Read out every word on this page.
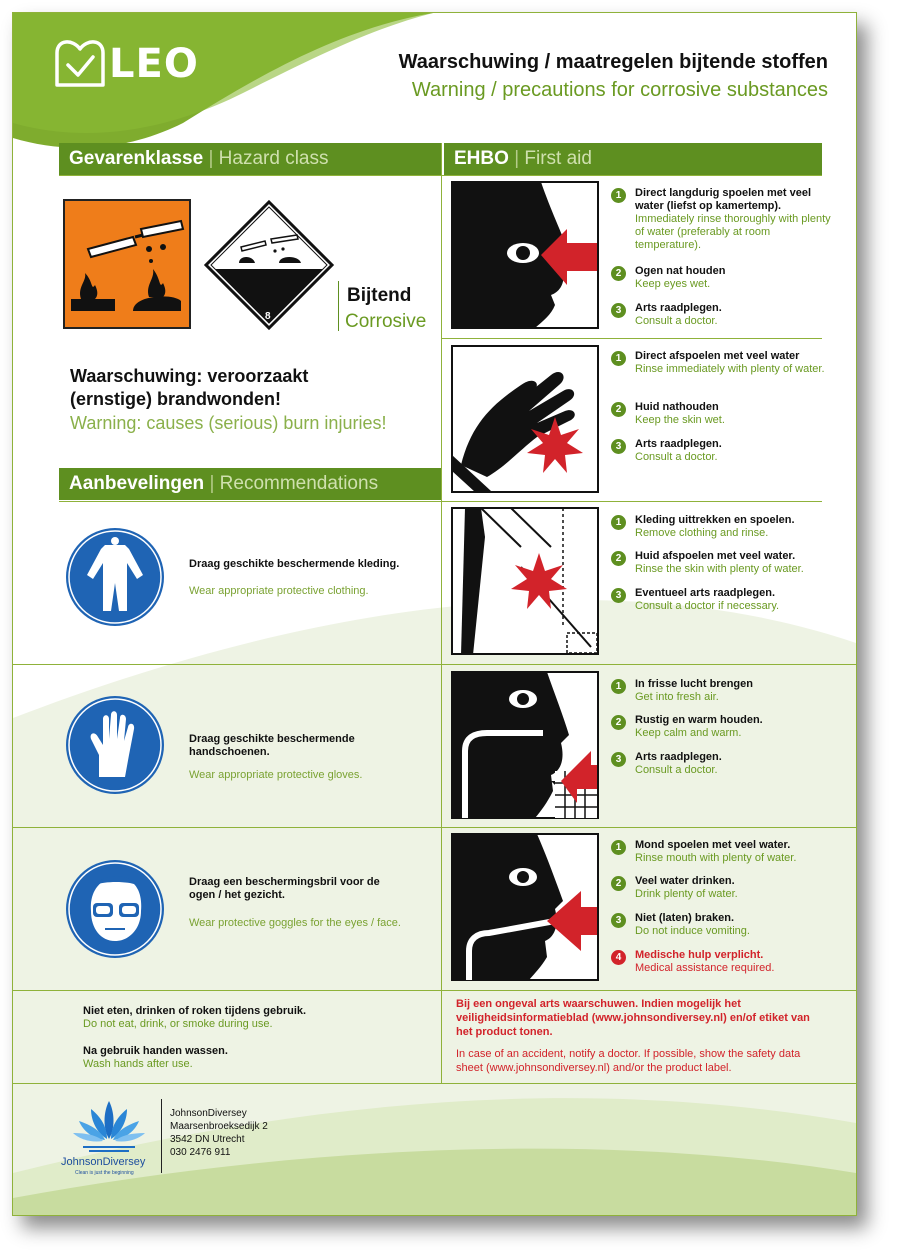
LEO	Waarschuwing / maatregelen bijtende stoffen
Warning / precautions for corrosive substances
Gevarenklasse | Hazard class	EHBO | First aid
Aanbevelingen | Recommendations
8
Bijtend
Corrosive
Waarschuwing: veroorzaakt (ernstige) brandwonden!
Warning: causes (serious) burn injuries!
Draag geschikte beschermende kleding.
Wear appropriate protective clothing.
Draag geschikte beschermende handschoenen.
Wear appropriate protective gloves.
Draag een beschermingsbril voor de ogen / het gezicht.
Wear protective goggles for the eyes / face.
1	Direct langdurig spoelen met veel water (liefst op kamertemp).
Immediately rinse thoroughly with plenty of water (preferably at room temperature).
2	Ogen nat houden
Keep eyes wet.
3	Arts raadplegen.
Consult a doctor.
1	Direct afspoelen met veel water
Rinse immediately with plenty of water.
2	Huid nathouden
Keep the skin wet.
3	Arts raadplegen.
Consult a doctor.
1	Kleding uittrekken en spoelen.
Remove clothing and rinse.
2	Huid afspoelen met veel water.
Rinse the skin with plenty of water.
3	Eventueel arts raadplegen.
Consult a doctor if necessary.
1	In frisse lucht brengen
Get into fresh air.
2	Rustig en warm houden.
Keep calm and warm.
3	Arts raadplegen.
Consult a doctor.
1	Mond spoelen met veel water.
Rinse mouth with plenty of water.
2	Veel water drinken.
Drink plenty of water.
3	Niet (laten) braken.
Do not induce vomiting.
4	Medische hulp verplicht.
Medical assistance required.
Niet eten, drinken of roken tijdens gebruik.
Do not eat, drink, or smoke during use.
Na gebruik handen wassen.
Wash hands after use.
Bij een ongeval arts waarschuwen. Indien mogelijk het veiligheidsinformatieblad (www.johnsondiversey.nl) en/of etiket van het product tonen.
In case of an accident, notify a doctor. If possible, show the safety data sheet (www.johnsondiversey.nl) and/or the product label.
JohnsonDiversey
Clean is just the beginning
JohnsonDiversey
Maarsenbroeksedijk 2
3542 DN Utrecht
030 2476 911
